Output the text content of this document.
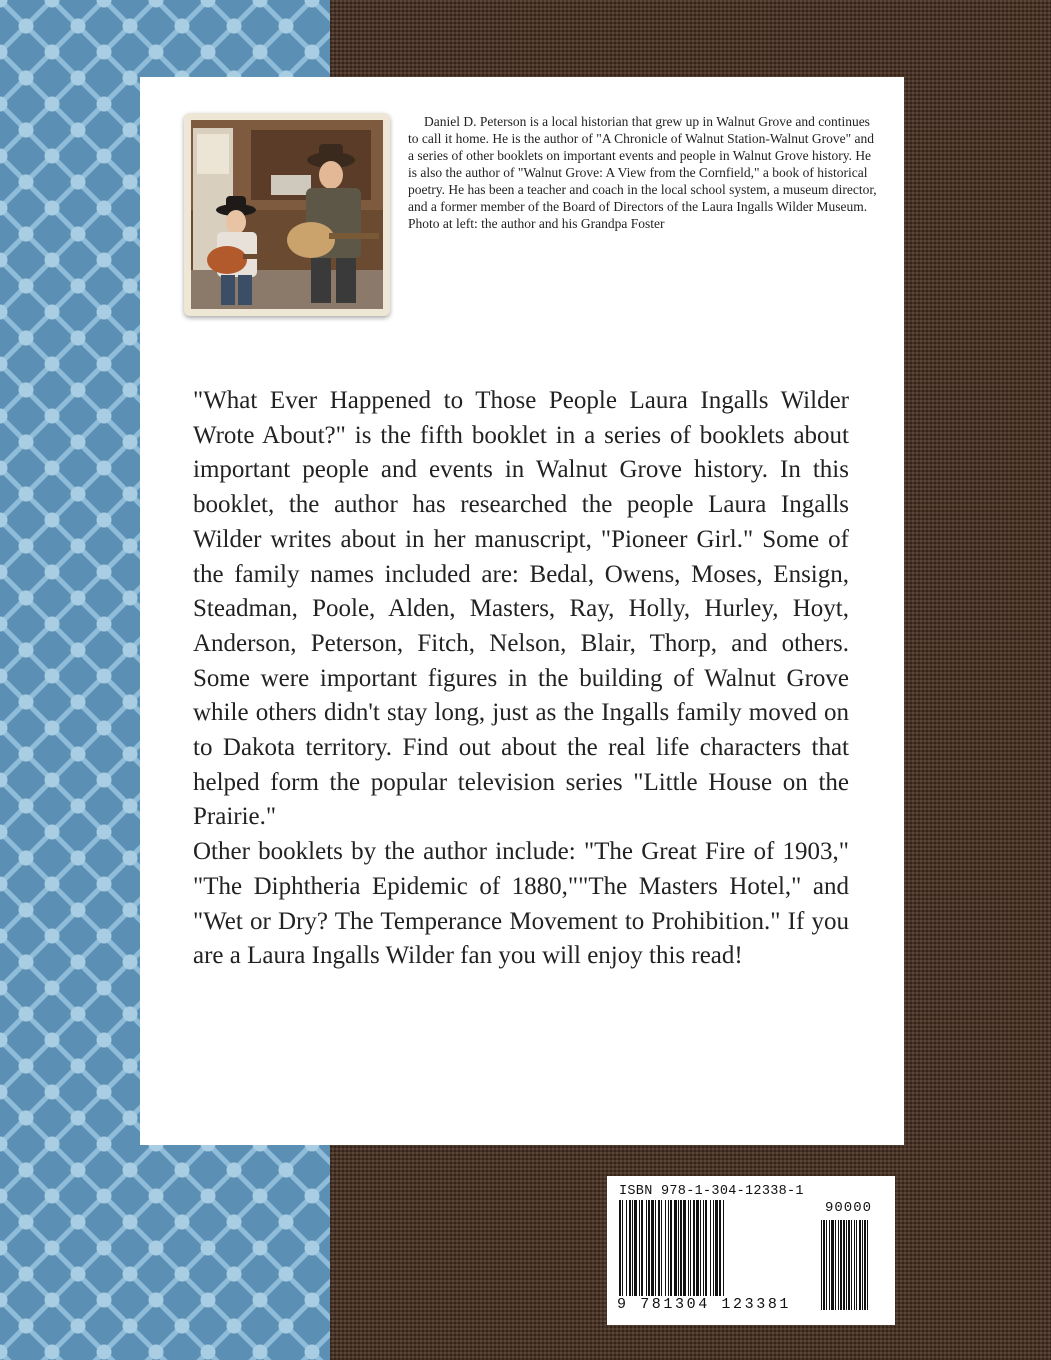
Daniel D. Peterson is a local historian that grew up in Walnut Grove and continues to call it home. He is the author of "A Chronicle of Walnut Station-Walnut Grove" and a series of other booklets on important events and people in Walnut Grove history. He is also the author of "Walnut Grove: A View from the Cornfield," a book of historical poetry. He has been a teacher and coach in the local school system, a museum director, and a former member of the Board of Directors of the Laura Ingalls Wilder Museum. Photo at left: the author and his Grandpa Foster

"What Ever Happened to Those People Laura Ingalls Wilder Wrote About?" is the fifth booklet in a series of booklets about important people and events in Walnut Grove history. In this booklet, the author has researched the people Laura Ingalls Wilder writes about in her manuscript, "Pioneer Girl." Some of the family names included are: Bedal, Owens, Moses, Ensign, Steadman, Poole, Alden, Masters, Ray, Holly, Hurley, Hoyt, Anderson, Peterson, Fitch, Nelson, Blair, Thorp, and others. Some were important figures in the building of Walnut Grove while others didn't stay long, just as the Ingalls family moved on to Dakota territory. Find out about the real life characters that helped form the popular television series "Little House on the Prairie."

Other booklets by the author include: "The Great Fire of 1903," "The Diphtheria Epidemic of 1880,""The Masters Hotel," and "Wet or Dry? The Temperance Movement to Prohibition." If you are a Laura Ingalls Wilder fan you will enjoy this read!

ISBN 978-1-304-12338-1
90000
9 781304 123381
